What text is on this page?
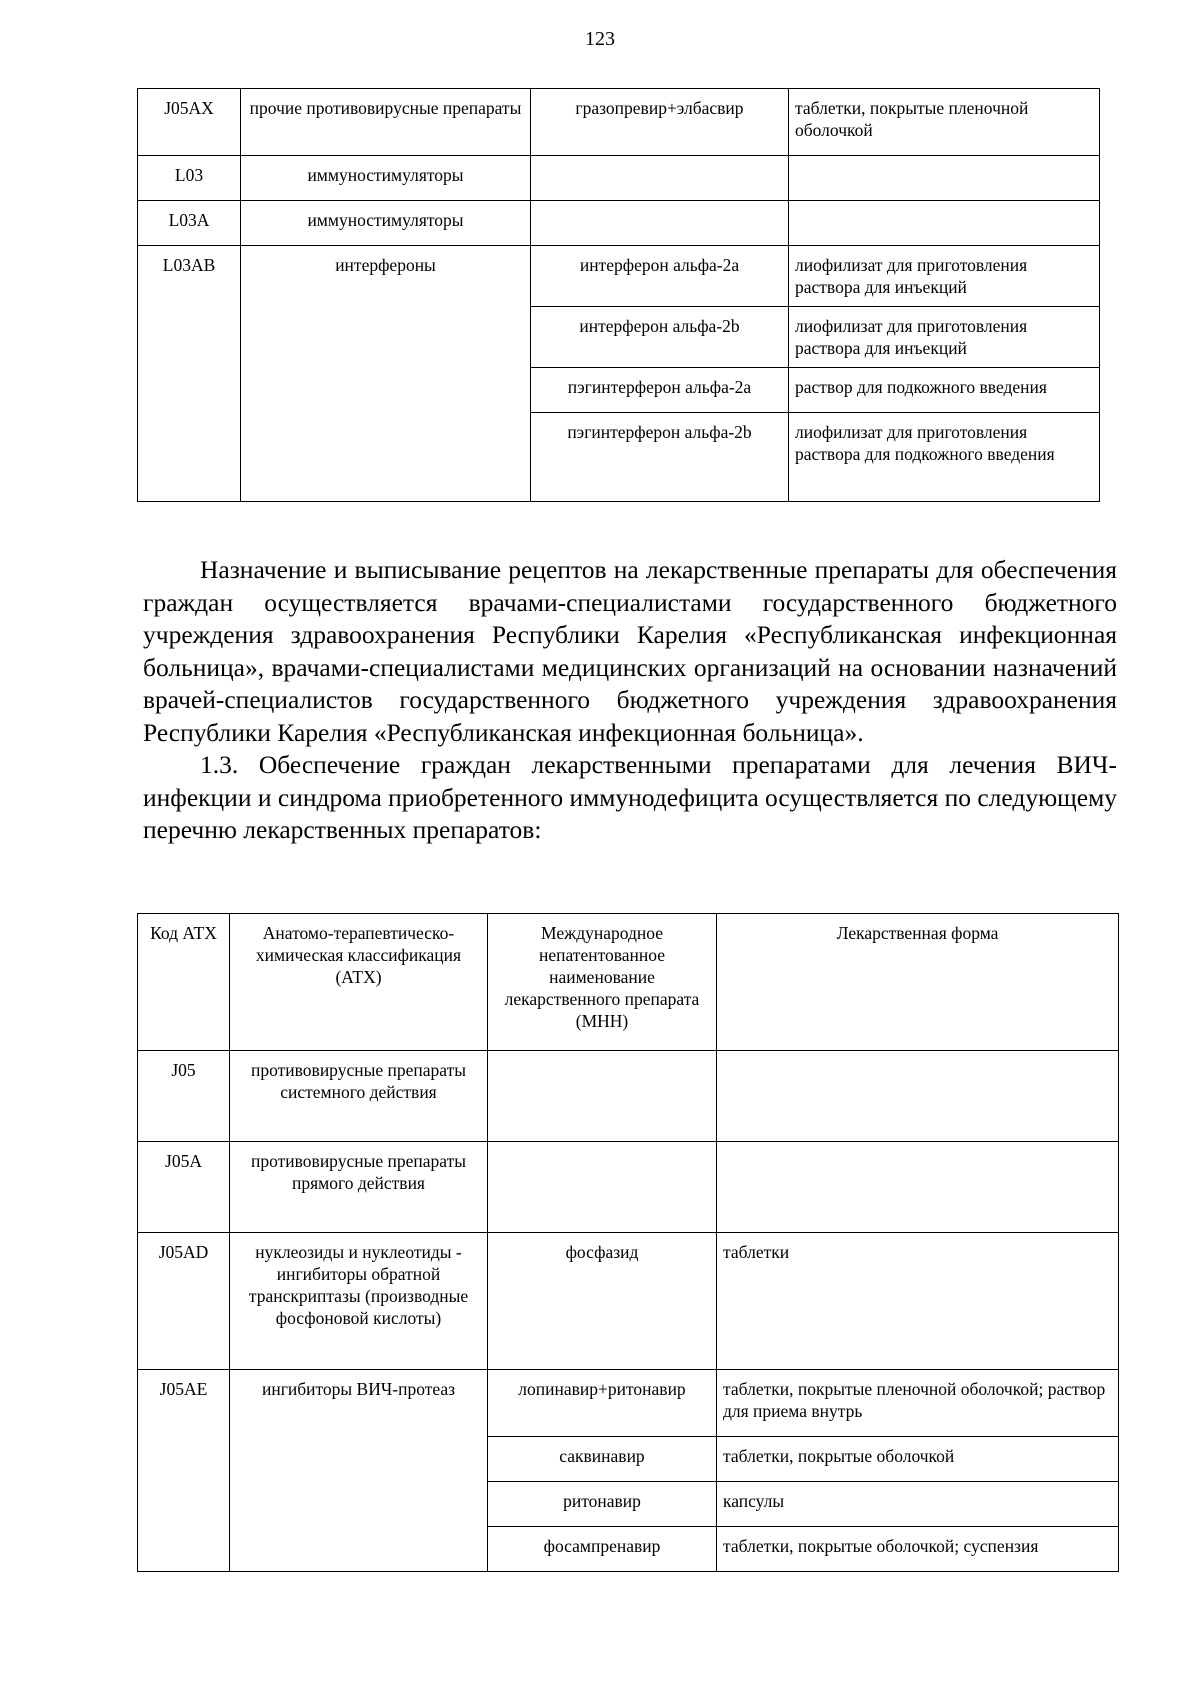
123
J05AX	прочие противовирусные препараты	гразопревир+элбасвир	таблетки, покрытые пленочной оболочкой
L03	иммуностимуляторы		
L03A	иммуностимуляторы		
L03AB	интерфероны	интерферон альфа-2a	лиофилизат для приготовления раствора для инъекций
		интерферон альфа-2b	лиофилизат для приготовления раствора для инъекций
		пэгинтерферон альфа-2a	раствор для подкожного введения
		пэгинтерферон альфа-2b	лиофилизат для приготовления раствора для подкожного введения

Назначение и выписывание рецептов на лекарственные препараты для обеспечения граждан осуществляется врачами-специалистами государственного бюджетного учреждения здравоохранения Республики Карелия «Республиканская инфекционная больница», врачами-специалистами медицинских организаций на основании назначений врачей-специалистов государственного бюджетного учреждения здравоохранения Республики Карелия «Республиканская инфекционная больница».

1.3. Обеспечение граждан лекарственными препаратами для лечения ВИЧ-инфекции и синдрома приобретенного иммунодефицита осуществляется по следующему перечню лекарственных препаратов:

Код АТХ	Анатомо-терапевтическо-химическая классификация (АТХ)	Международное непатентованное наименование лекарственного препарата (МНН)	Лекарственная форма
J05	противовирусные препараты системного действия		
J05A	противовирусные препараты прямого действия		
J05AD	нуклеозиды и нуклеотиды - ингибиторы обратной транскриптазы (производные фосфоновой кислоты)	фосфазид	таблетки
J05AE	ингибиторы ВИЧ-протеаз	лопинавир+ритонавир	таблетки, покрытые пленочной оболочкой; раствор для приема внутрь
		саквинавир	таблетки, покрытые оболочкой
		ритонавир	капсулы
		фосампренавир	таблетки, покрытые оболочкой; суспензия
